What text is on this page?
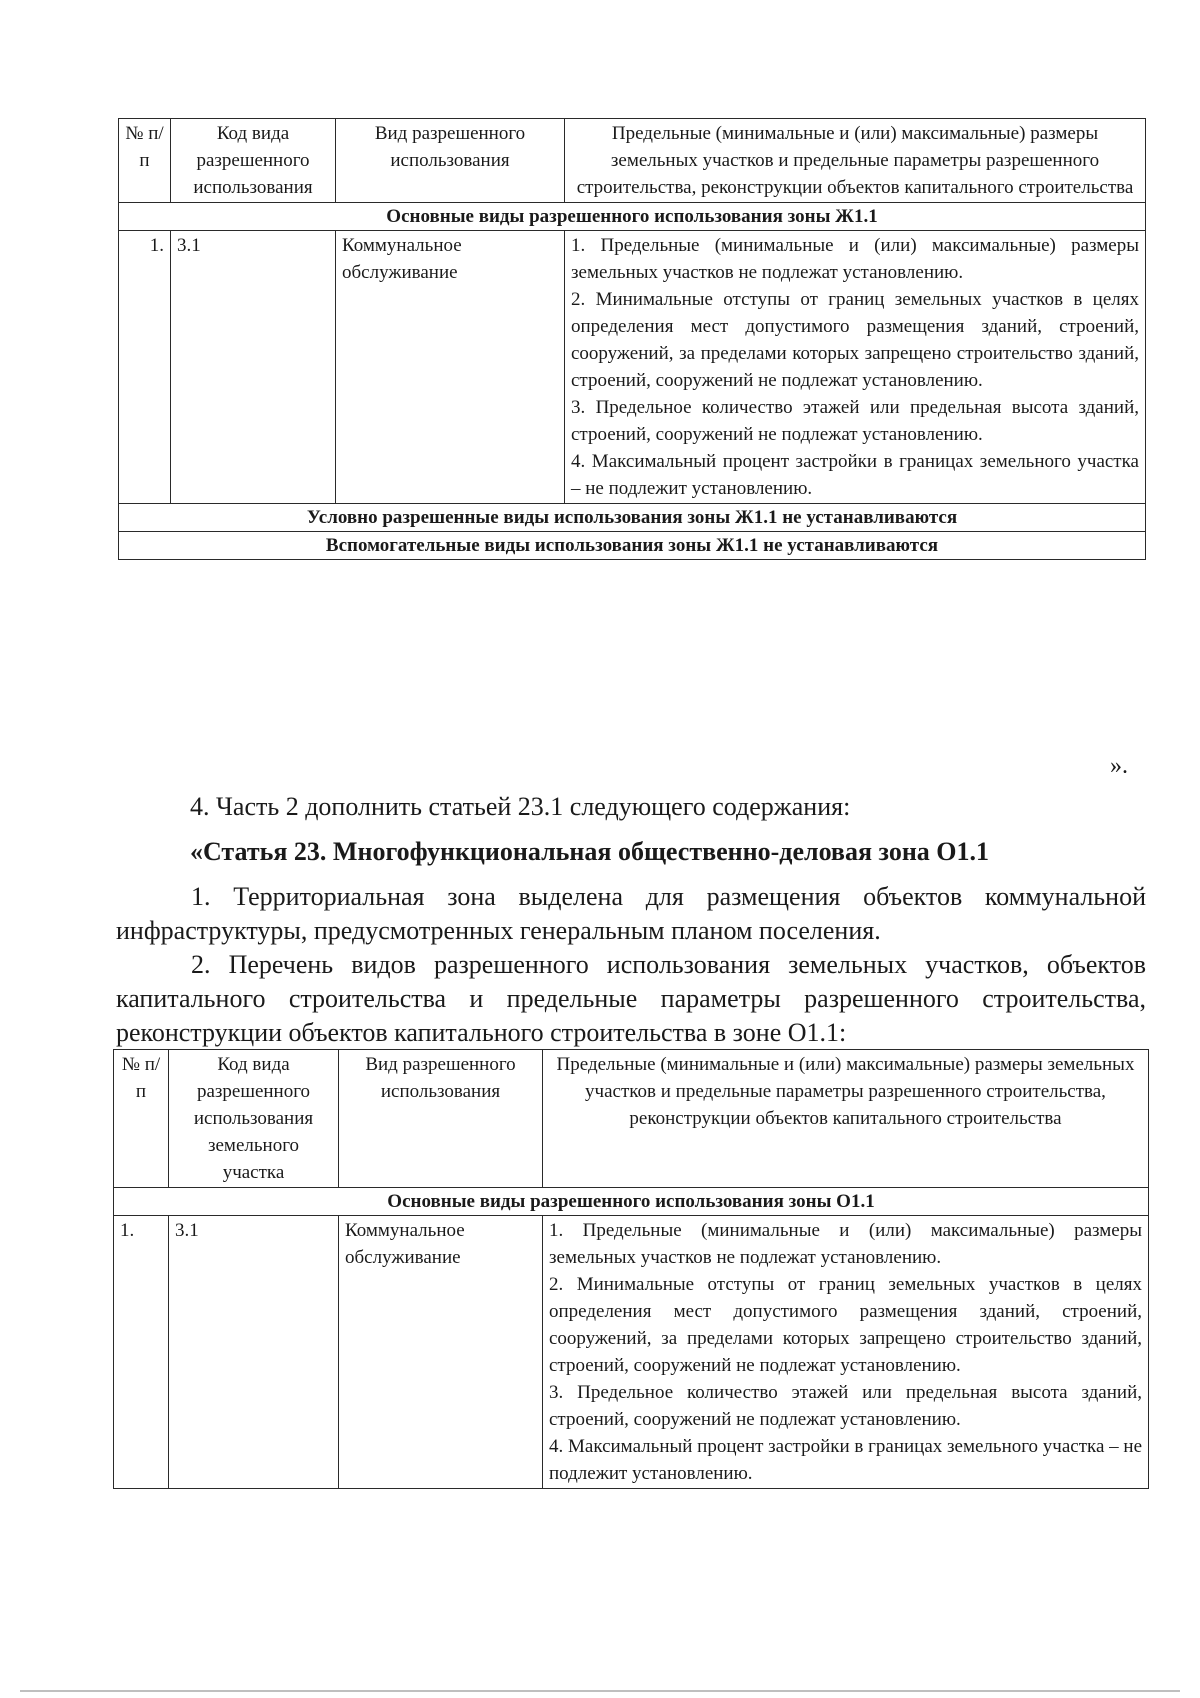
№ п/п	Код вида разрешенного использования	Вид разрешенного использования	Предельные (минимальные и (или) максимальные) размеры земельных участков и предельные параметры разрешенного строительства, реконструкции объектов капитального строительства
Основные виды разрешенного использования зоны Ж1.1			
1.	3.1	Коммунальное обслуживание	1. Предельные (минимальные и (или) максимальные) размеры земельных участков не подлежат установлению.
2. Минимальные отступы от границ земельных участков в целях определения мест допустимого размещения зданий, строений, сооружений, за пределами которых запрещено строительство зданий, строений, сооружений не подлежат установлению.
3. Предельное количество этажей или предельная высота зданий, строений, сооружений не подлежат установлению.
4. Максимальный процент застройки в границах земельного участка – не подлежит установлению.

Условно разрешенные виды использования зоны Ж1.1 не устанавливаются			
Вспомогательные виды использования зоны Ж1.1 не устанавливаются			
».

4. Часть 2 дополнить статьей 23.1 следующего содержания:

«Статья 23. Многофункциональная общественно-деловая зона О1.1

1. Территориальная зона выделена для размещения объектов коммунальной инфраструктуры, предусмотренных генеральным планом поселения.

2. Перечень видов разрешенного использования земельных участков, объектов капитального строительства и предельные параметры разрешенного строительства, реконструкции объектов капитального строительства в зоне О1.1:

№ п/п	Код вида разрешенного использования земельного участка	Вид разрешенного использования	Предельные (минимальные и (или) максимальные) размеры земельных участков и предельные параметры разрешенного строительства, реконструкции объектов капитального строительства
Основные виды разрешенного использования зоны О1.1			
1.	3.1	Коммунальное обслуживание	1. Предельные (минимальные и (или) максимальные) размеры земельных участков не подлежат установлению.
2. Минимальные отступы от границ земельных участков в целях определения мест допустимого размещения зданий, строений, сооружений, за пределами которых запрещено строительство зданий, строений, сооружений не подлежат установлению.
3. Предельное количество этажей или предельная высота зданий, строений, сооружений не подлежат установлению.
4. Максимальный процент застройки в границах земельного участка – не подлежит установлению.
